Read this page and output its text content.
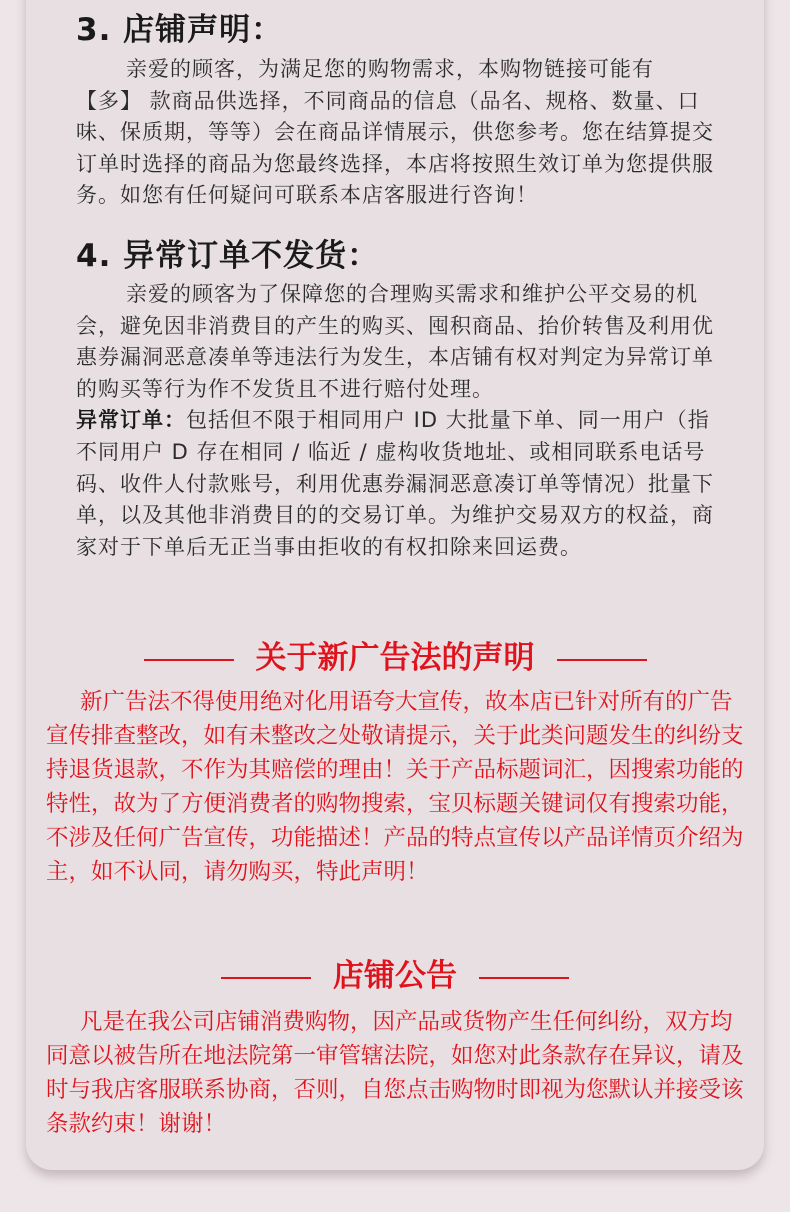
3. 店铺声明：

亲爱的顾客，为满足您的购物需求，本购物链接可能有 【多】 款商品供选择，不同商品的信息（品名、规格、数量、口味、保质期，等等）会在商品详情展示，供您参考。您在结算提交订单时选择的商品为您最终选择，本店将按照生效订单为您提供服务。如您有任何疑问可联系本店客服进行咨询！

4. 异常订单不发货：

亲爱的顾客为了保障您的合理购买需求和维护公平交易的机会，避免因非消费目的产生的购买、囤积商品、抬价转售及利用优惠券漏洞恶意凑单等违法行为发生，本店铺有权对判定为异常订单的购买等行为作不发货且不进行赔付处理。

异常订单：包括但不限于相同用户 ID 大批量下单、同一用户（指不同用户 D 存在相同 / 临近 / 虚构收货地址、或相同联系电话号码、收件人付款账号，利用优惠券漏洞恶意凑订单等情况）批量下单，以及其他非消费目的的交易订单。为维护交易双方的权益，商家对于下单后无正当事由拒收的有权扣除来回运费。

关于新广告法的声明
新广告法不得使用绝对化用语夸大宣传，故本店已针对所有的广告宣传排查整改，如有未整改之处敬请提示，关于此类问题发生的纠纷支持退货退款，不作为其赔偿的理由！关于产品标题词汇，因搜索功能的特性，故为了方便消费者的购物搜索，宝贝标题关键词仅有搜索功能，不涉及任何广告宣传，功能描述！产品的特点宣传以产品详情页介绍为主，如不认同，请勿购买，特此声明！
店铺公告
凡是在我公司店铺消费购物，因产品或货物产生任何纠纷，双方均同意以被告所在地法院第一审管辖法院，如您对此条款存在异议，请及时与我店客服联系协商，否则，自您点击购物时即视为您默认并接受该条款约束！谢谢！
